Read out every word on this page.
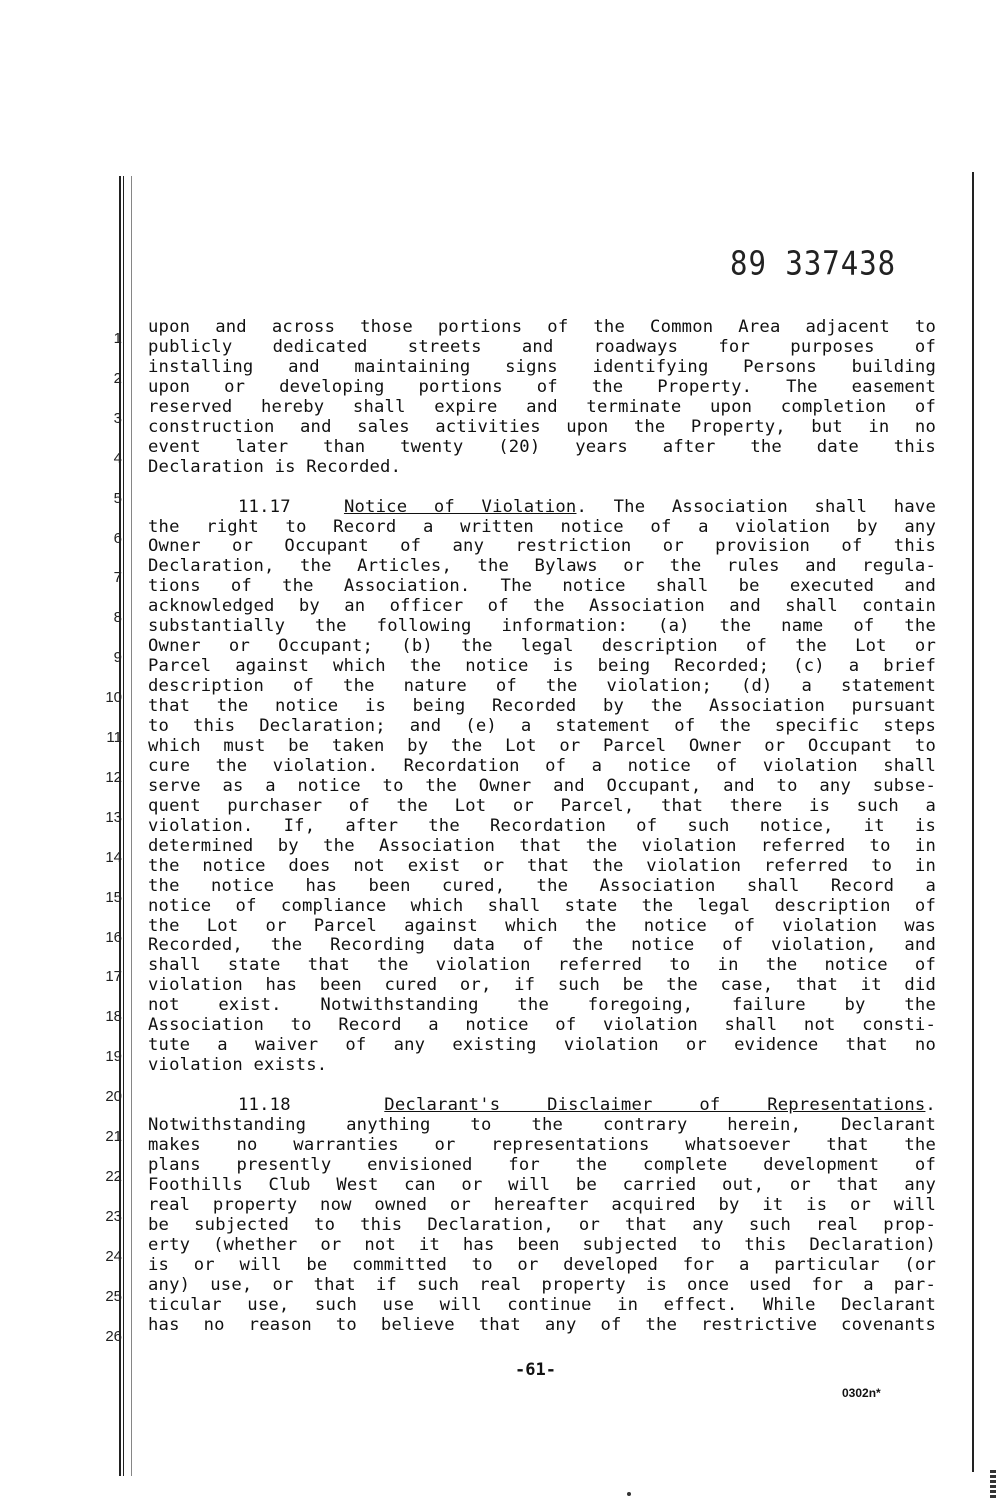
89 337438
1
2
3
4
5
6
7
8
9
10
11
12
13
14
15
16
17
18
19
20
21
22
23
24
25
26
upon and across those portions of the Common Area adjacent to
publicly dedicated streets and roadways for purposes of
installing and maintaining signs identifying Persons building
upon or developing portions of the Property. The easement
reserved hereby shall expire and terminate upon completion of
construction and sales activities upon the Property, but in no
event later than twenty (20) years after the date this
Declaration is Recorded.
11.17	Notice of Violation. The Association shall have
the right to Record a written notice of a violation by any
Owner or Occupant of any restriction or provision of this
Declaration, the Articles, the Bylaws or the rules and regula-
tions of the Association. The notice shall be executed and
acknowledged by an officer of the Association and shall contain
substantially the following information: (a) the name of the
Owner or Occupant; (b) the legal description of the Lot or
Parcel against which the notice is being Recorded; (c) a brief
description of the nature of the violation; (d) a statement
that the notice is being Recorded by the Association pursuant
to this Declaration; and (e) a statement of the specific steps
which must be taken by the Lot or Parcel Owner or Occupant to
cure the violation. Recordation of a notice of violation shall
serve as a notice to the Owner and Occupant, and to any subse-
quent purchaser of the Lot or Parcel, that there is such a
violation. If, after the Recordation of such notice, it is
determined by the Association that the violation referred to in
the notice does not exist or that the violation referred to in
the notice has been cured, the Association shall Record a
notice of compliance which shall state the legal description of
the Lot or Parcel against which the notice of violation was
Recorded, the Recording data of the notice of violation, and
shall state that the violation referred to in the notice of
violation has been cured or, if such be the case, that it did
not exist. Notwithstanding the foregoing, failure by the
Association to Record a notice of violation shall not consti-
tute a waiver of any existing violation or evidence that no
violation exists.
11.18	Declarant's Disclaimer of Representations.
Notwithstanding anything to the contrary herein, Declarant
makes no warranties or representations whatsoever that the
plans presently envisioned for the complete development of
Foothills Club West can or will be carried out, or that any
real property now owned or hereafter acquired by it is or will
be subjected to this Declaration, or that any such real prop-
erty (whether or not it has been subjected to this Declaration)
is or will be committed to or developed for a particular (or
any) use, or that if such real property is once used for a par-
ticular use, such use will continue in effect. While Declarant
has no reason to believe that any of the restrictive covenants
-61-
0302n*
